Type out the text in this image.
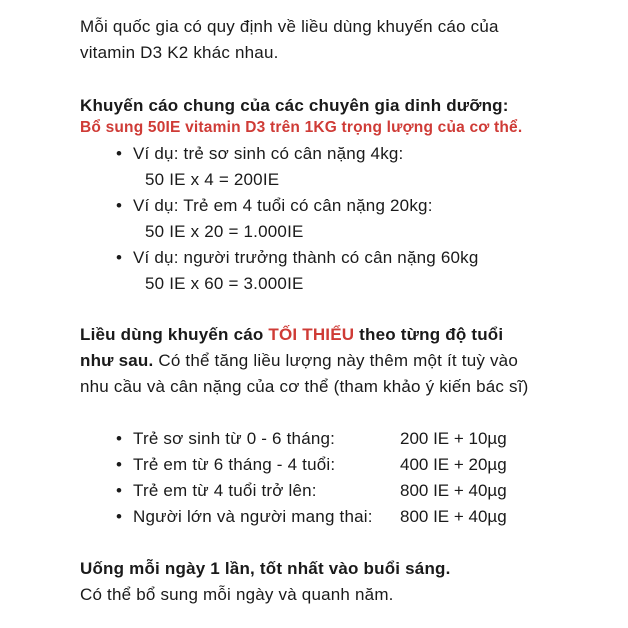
Mỗi quốc gia có quy định về liều dùng khuyến cáo của
vitamin D3 K2 khác nhau.
Khuyến cáo chung của các chuyên gia dinh dưỡng:
Bổ sung 50IE vitamin D3 trên 1KG trọng lượng của cơ thể.
• Ví dụ: trẻ sơ sinh có cân nặng 4kg:
50 IE x 4 = 200IE
• Ví dụ: Trẻ em 4 tuổi có cân nặng 20kg:
50 IE x 20 = 1.000IE
• Ví dụ: người trưởng thành có cân nặng 60kg
50 IE x 60 = 3.000IE
Liều dùng khuyến cáo TỐI THIỂU theo từng độ tuổi
như sau. Có thể tăng liều lượng này thêm một ít tuỳ vào
nhu cầu và cân nặng của cơ thể (tham khảo ý kiến bác sĩ)
• Trẻ sơ sinh từ 0 - 6 tháng:	200 IE + 10µg
• Trẻ em từ 6 tháng - 4 tuổi:	400 IE + 20µg
• Trẻ em từ 4 tuổi trở lên:	800 IE + 40µg
• Người lớn và người mang thai: 800 IE + 40µg
Uống mỗi ngày 1 lần, tốt nhất vào buổi sáng.
Có thể bổ sung mỗi ngày và quanh năm.
